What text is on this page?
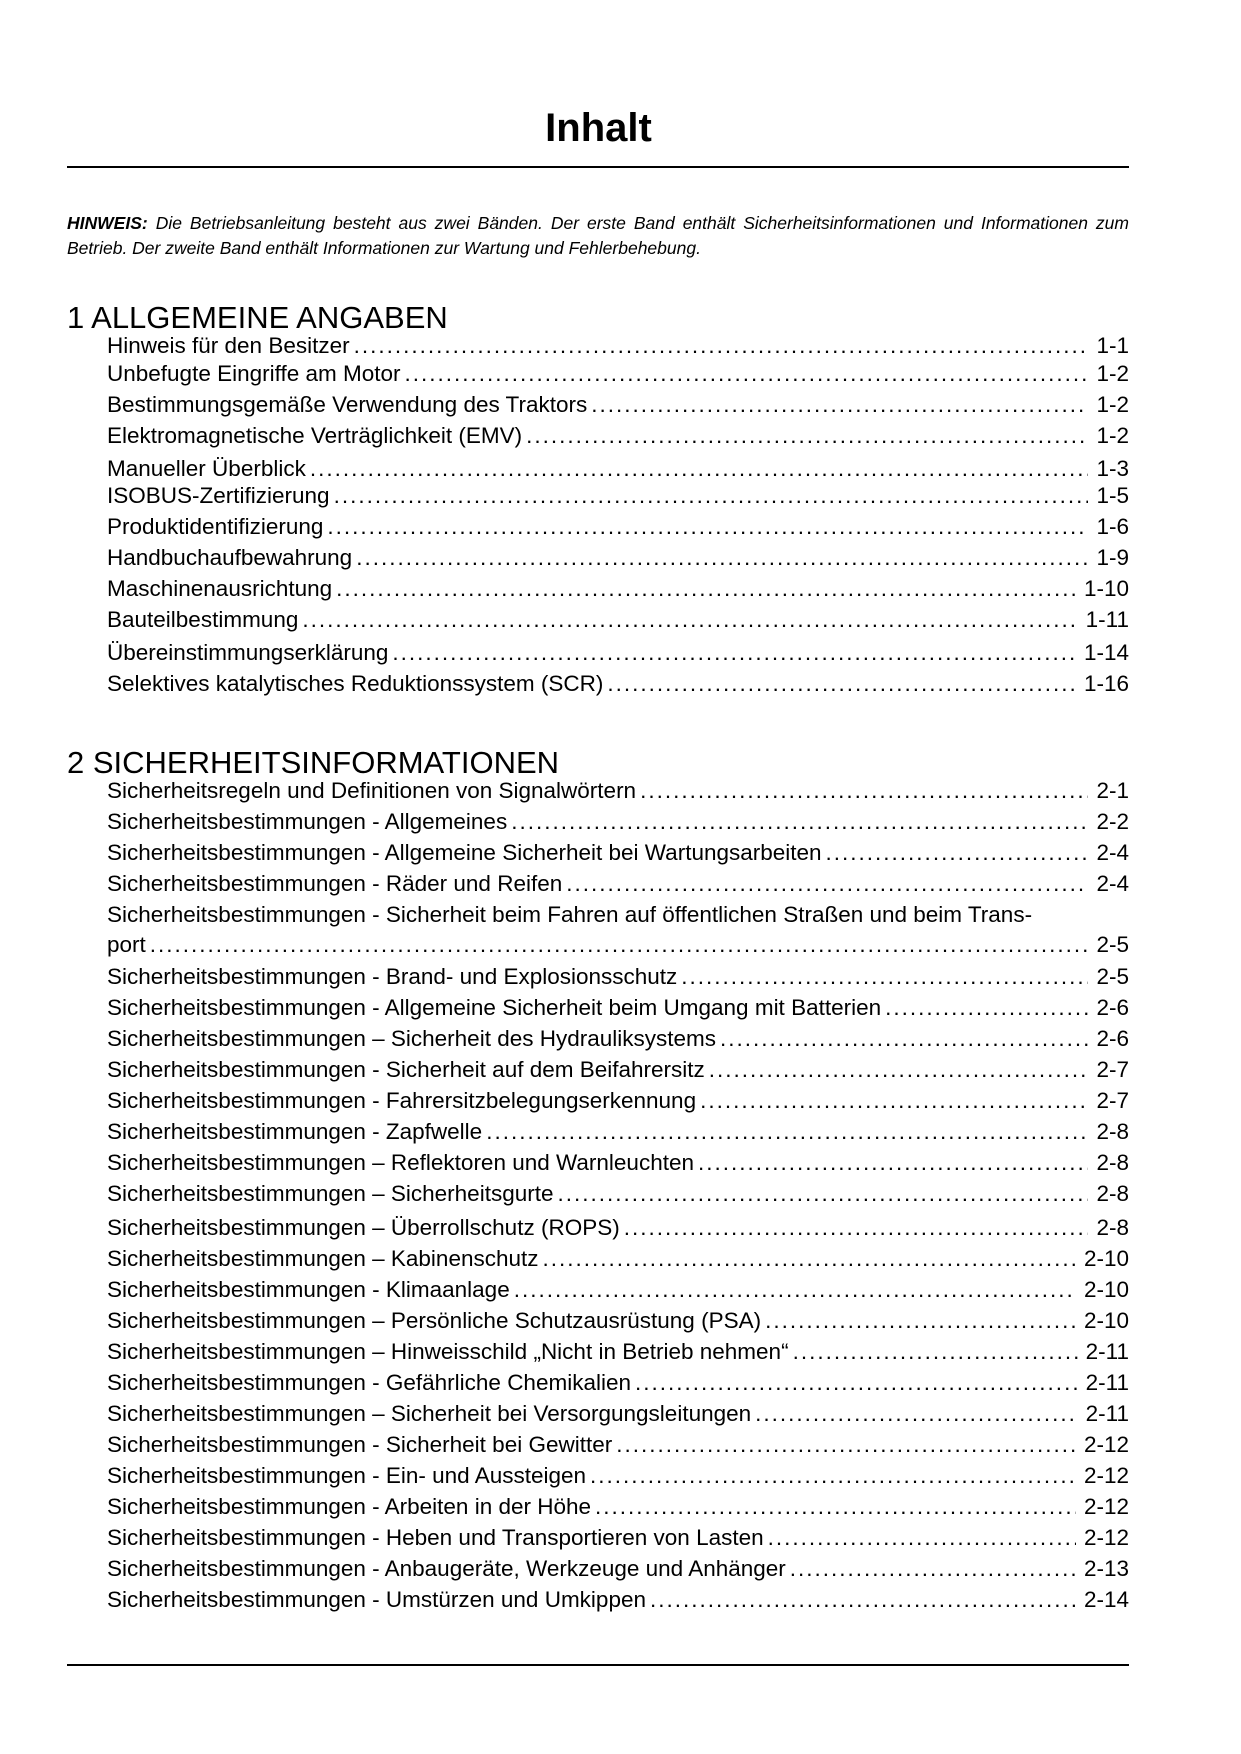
Inhalt

HINWEIS: Die Betriebsanleitung besteht aus zwei Bänden. Der erste Band enthält Sicherheitsinformationen und Informationen zum Betrieb. Der zweite Band enthält Informationen zur Wartung und Fehlerbehebung.

1 ALLGEMEINE ANGABEN
Hinweis für den Besitzer .....	1-1
Unbefugte Eingriffe am Motor .....	1-2
Bestimmungsgemäße Verwendung des Traktors .....	1-2
Elektromagnetische Verträglichkeit (EMV) .....	1-2
Manueller Überblick .....	1-3
ISOBUS-Zertifizierung .....	1-5
Produktidentifizierung .....	1-6
Handbuchaufbewahrung .....	1-9
Maschinenausrichtung .....	1-10
Bauteilbestimmung .....	1-11
Übereinstimmungserklärung .....	1-14
Selektives katalytisches Reduktionssystem (SCR) .....	1-16
2 SICHERHEITSINFORMATIONEN
Sicherheitsregeln und Definitionen von Signalwörtern .....	2-1
Sicherheitsbestimmungen - Allgemeines .....	2-2
Sicherheitsbestimmungen - Allgemeine Sicherheit bei Wartungsarbeiten .....	2-4
Sicherheitsbestimmungen - Räder und Reifen .....	2-4
Sicherheitsbestimmungen - Sicherheit beim Fahren auf öffentlichen Straßen und beim Trans-
port .....	2-5
Sicherheitsbestimmungen - Brand- und Explosionsschutz .....	2-5
Sicherheitsbestimmungen - Allgemeine Sicherheit beim Umgang mit Batterien .....	2-6
Sicherheitsbestimmungen – Sicherheit des Hydrauliksystems .....	2-6
Sicherheitsbestimmungen - Sicherheit auf dem Beifahrersitz .....	2-7
Sicherheitsbestimmungen - Fahrersitzbelegungserkennung .....	2-7
Sicherheitsbestimmungen - Zapfwelle .....	2-8
Sicherheitsbestimmungen – Reflektoren und Warnleuchten .....	2-8
Sicherheitsbestimmungen – Sicherheitsgurte .....	2-8
Sicherheitsbestimmungen – Überrollschutz (ROPS) .....	2-8
Sicherheitsbestimmungen – Kabinenschutz .....	2-10
Sicherheitsbestimmungen - Klimaanlage .....	2-10
Sicherheitsbestimmungen – Persönliche Schutzausrüstung (PSA) .....	2-10
Sicherheitsbestimmungen – Hinweisschild „Nicht in Betrieb nehmen“ .....	2-11
Sicherheitsbestimmungen - Gefährliche Chemikalien .....	2-11
Sicherheitsbestimmungen – Sicherheit bei Versorgungsleitungen .....	2-11
Sicherheitsbestimmungen - Sicherheit bei Gewitter .....	2-12
Sicherheitsbestimmungen - Ein- und Aussteigen .....	2-12
Sicherheitsbestimmungen - Arbeiten in der Höhe .....	2-12
Sicherheitsbestimmungen - Heben und Transportieren von Lasten .....	2-12
Sicherheitsbestimmungen - Anbaugeräte, Werkzeuge und Anhänger .....	2-13
Sicherheitsbestimmungen - Umstürzen und Umkippen .....	2-14
